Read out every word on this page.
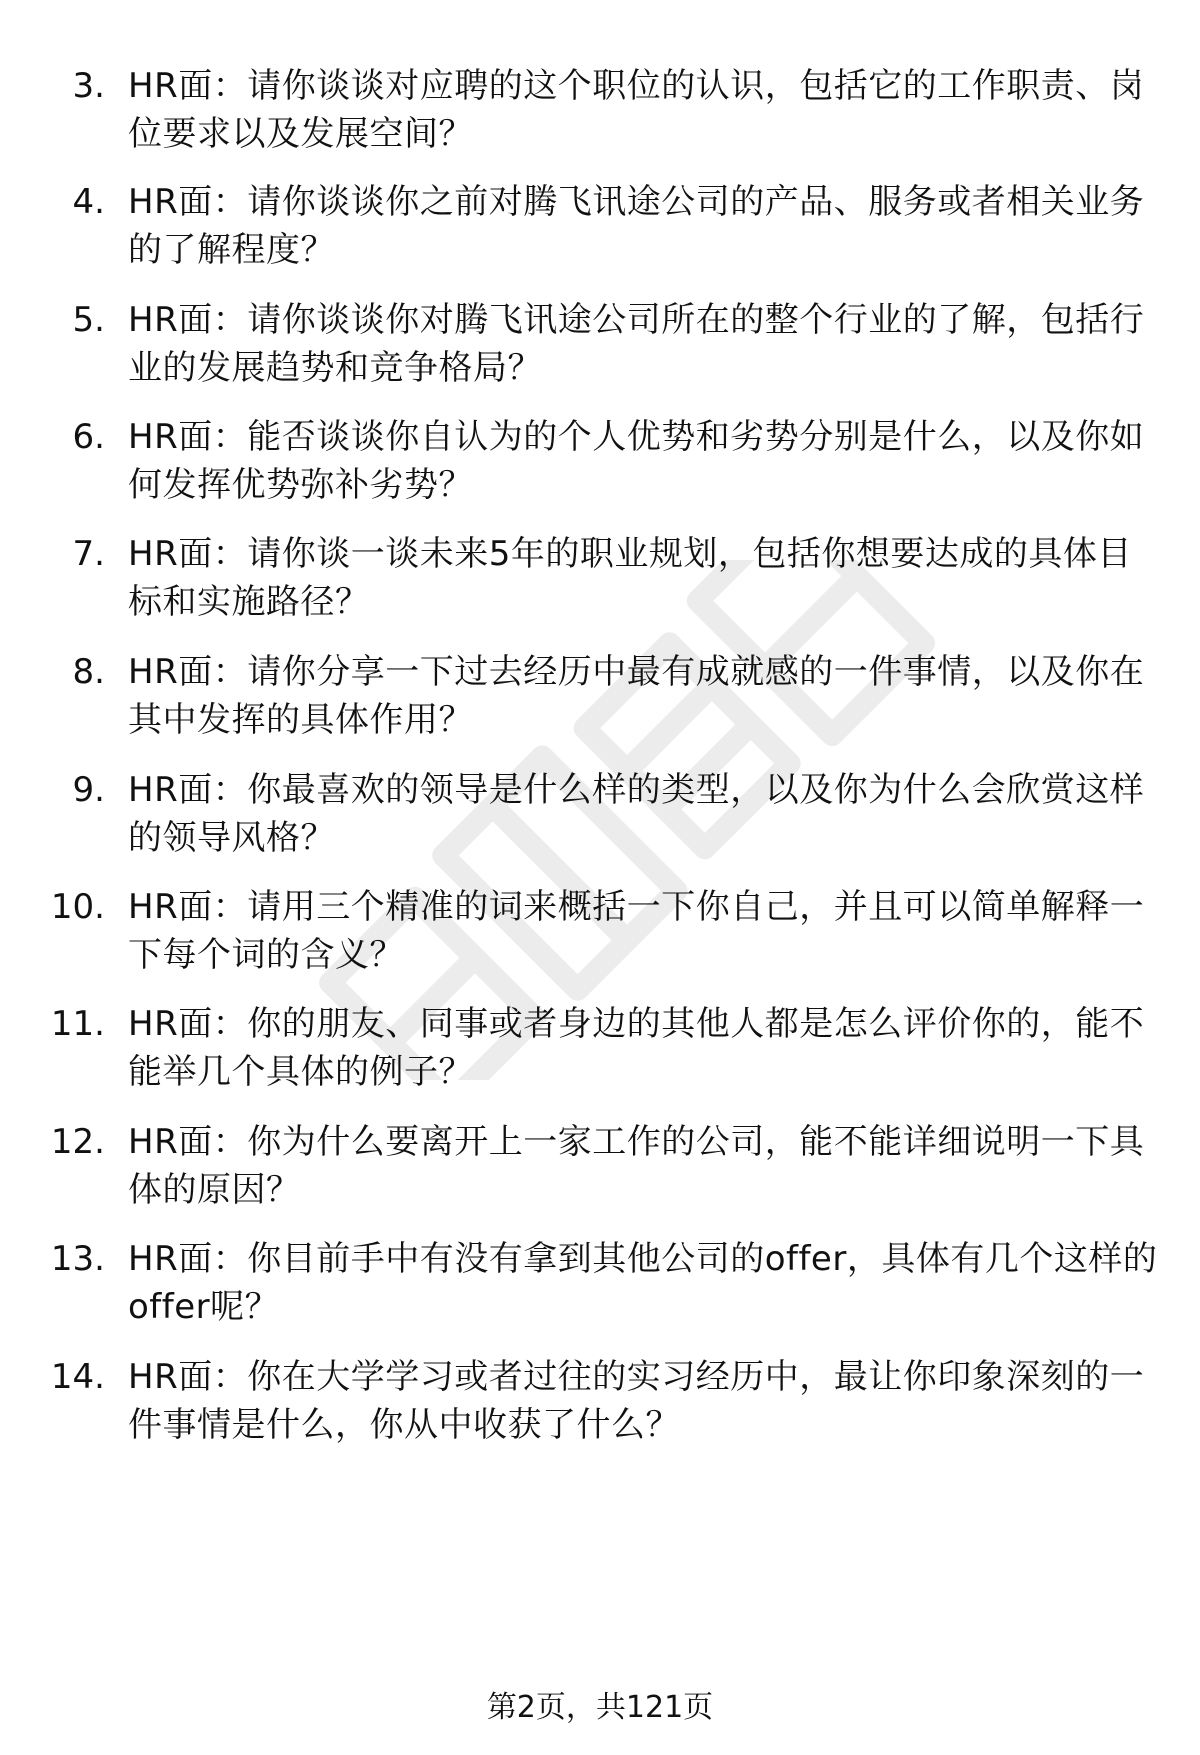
3. HR面：请你谈谈对应聘的这个职位的认识，包括它的工作职责、岗位要求以及发展空间？
4. HR面：请你谈谈你之前对腾飞讯途公司的产品、服务或者相关业务的了解程度？
5. HR面：请你谈谈你对腾飞讯途公司所在的整个行业的了解，包括行业的发展趋势和竞争格局？
6. HR面：能否谈谈你自认为的个人优势和劣势分别是什么，以及你如何发挥优势弥补劣势？
7. HR面：请你谈一谈未来5年的职业规划，包括你想要达成的具体目标和实施路径？
8. HR面：请你分享一下过去经历中最有成就感的一件事情，以及你在其中发挥的具体作用？
9. HR面：你最喜欢的领导是什么样的类型，以及你为什么会欣赏这样的领导风格？
10. HR面：请用三个精准的词来概括一下你自己，并且可以简单解释一下每个词的含义？
11. HR面：你的朋友、同事或者身边的其他人都是怎么评价你的，能不能举几个具体的例子？
12. HR面：你为什么要离开上一家工作的公司，能不能详细说明一下具体的原因？
13. HR面：你目前手中有没有拿到其他公司的offer，具体有几个这样的offer呢？
14. HR面：你在大学学习或者过往的实习经历中，最让你印象深刻的一件事情是什么，你从中收获了什么？
第2页，共121页
